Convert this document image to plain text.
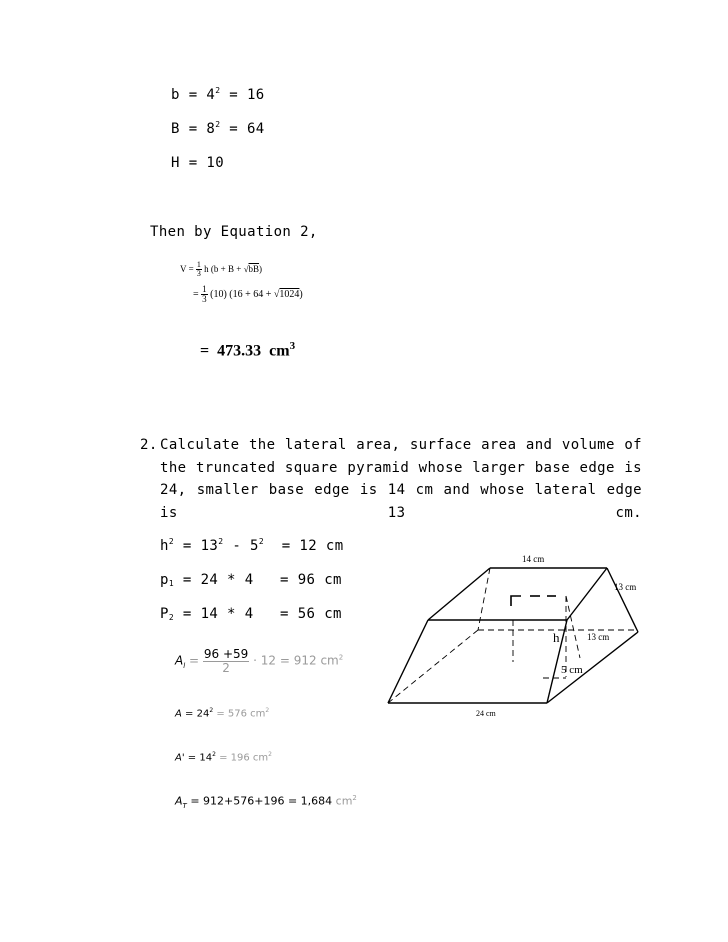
$b = 4^2 = 16$
$B = 8^2 = 64$
H = 10
Then by Equation 2,
$V = \frac{1}{3}$ h (b + B + √bB)
= $\frac{1}{3} (10) (16 + 64 + √1024)$
= 473.33 $cm^3$
2. Calculate the lateral area, surface area and volume of the truncated square pyramid whose larger base edge is 24, smaller base edge is 14 cm and whose lateral edge is 13 cm.
$h^2 = 13^2 - 5^2 = 12$ cm
$p_1 = 24 * 4 = 96$ cm
$P_2 = 14 * 4 = 56$ cm
$A_l = \frac{96 +59}{2} \cdot 12 = 912$ $cm^2$
$A = 24^2 = 576$ $cm^2$
$A' = 14^2 = 196$ $cm^2$
$A_T = 912+576+196 = 1,684$ $cm^2$
14 cm
13 cm
h	13 cm
5 cm
24 cm
